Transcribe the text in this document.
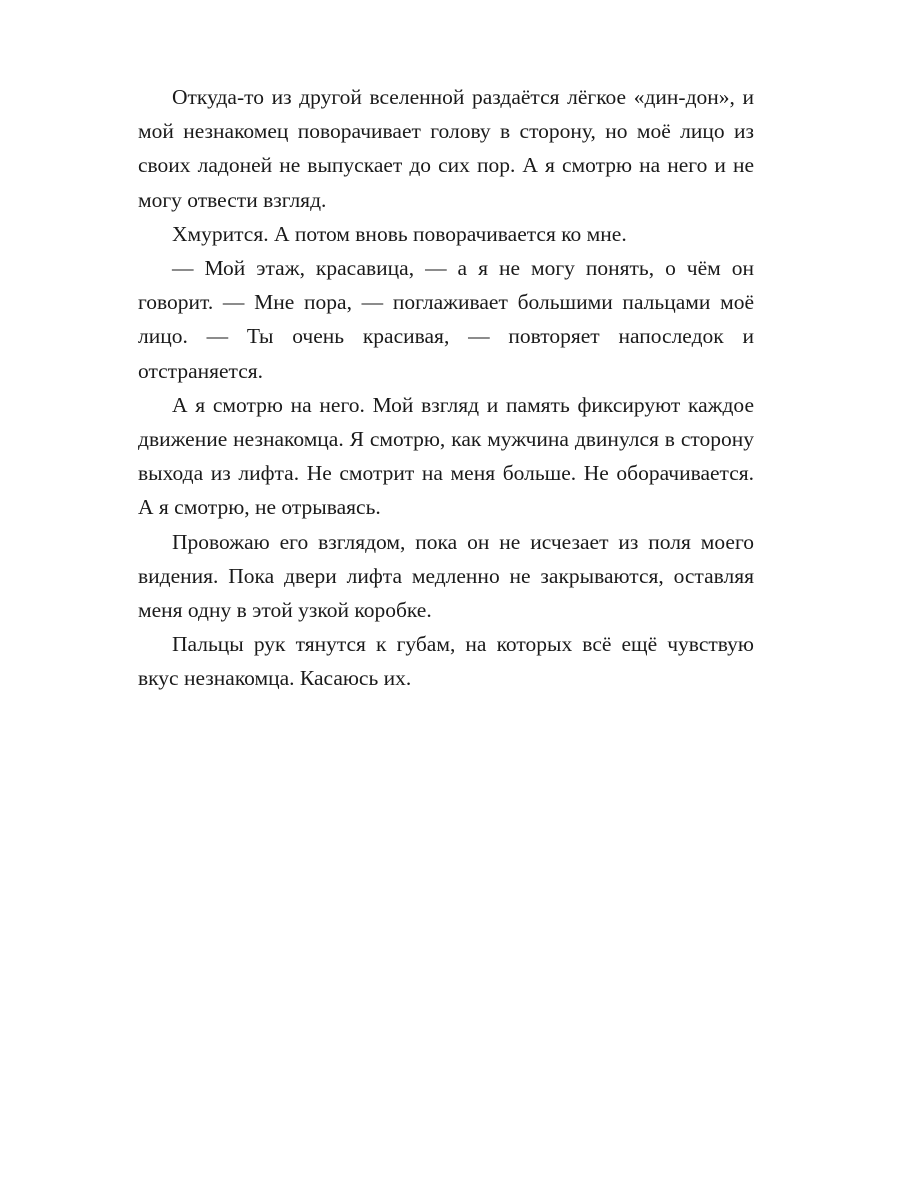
Откуда-то из другой вселенной раздаётся лёгкое «дин-дон», и мой незнакомец поворачивает голову в сторону, но моё лицо из своих ладоней не выпускает до сих пор. А я смотрю на него и не могу отвести взгляд.

Хмурится. А потом вновь поворачивается ко мне.

— Мой этаж, красавица, — а я не могу понять, о чём он говорит. — Мне пора, — поглаживает большими пальцами моё лицо. — Ты очень красивая, — повторяет напоследок и отстраняется.

А я смотрю на него. Мой взгляд и память фиксируют каждое движение незнакомца. Я смотрю, как мужчина двинулся в сторону выхода из лифта. Не смотрит на меня больше. Не оборачивается. А я смотрю, не отрываясь.

Провожаю его взглядом, пока он не исчезает из поля моего видения. Пока двери лифта медленно не закрываются, оставляя меня одну в этой узкой коробке.

Пальцы рук тянутся к губам, на которых всё ещё чувствую вкус незнакомца. Касаюсь их.
